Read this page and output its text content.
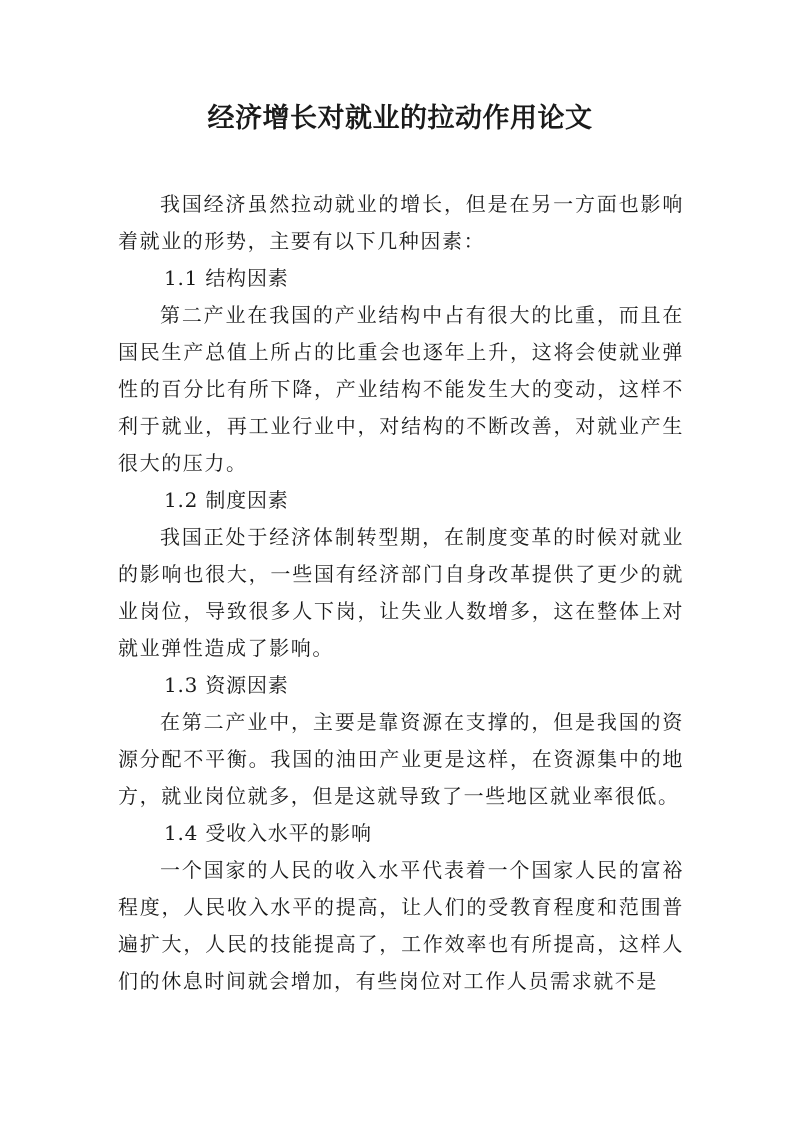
经济增长对就业的拉动作用论文

我国经济虽然拉动就业的增长，但是在另一方面也影响着就业的形势，主要有以下几种因素：

1.1 结构因素

第二产业在我国的产业结构中占有很大的比重，而且在国民生产总值上所占的比重会也逐年上升，这将会使就业弹性的百分比有所下降，产业结构不能发生大的变动，这样不利于就业，再工业行业中，对结构的不断改善，对就业产生很大的压力。

1.2 制度因素

我国正处于经济体制转型期，在制度变革的时候对就业的影响也很大，一些国有经济部门自身改革提供了更少的就业岗位，导致很多人下岗，让失业人数增多，这在整体上对就业弹性造成了影响。

1.3 资源因素

在第二产业中，主要是靠资源在支撑的，但是我国的资源分配不平衡。我国的油田产业更是这样，在资源集中的地方，就业岗位就多，但是这就导致了一些地区就业率很低。

1.4 受收入水平的影响

一个国家的人民的收入水平代表着一个国家人民的富裕程度，人民收入水平的提高，让人们的受教育程度和范围普遍扩大，人民的技能提高了，工作效率也有所提高，这样人们的休息时间就会增加，有些岗位对工作人员需求就不是
